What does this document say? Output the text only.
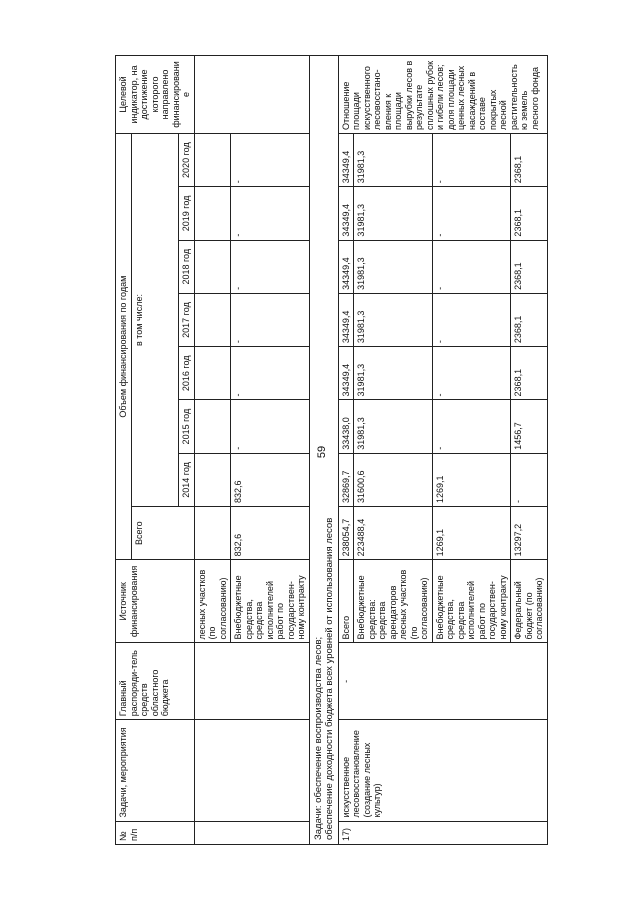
59
№ п/п	Задачи, мероприятия	Главный распоряди-тель средств областного бюджета	Источник финансирования	Объем финансирования по годам								Целевой индикатор, на достижение которого направлено финансирование
				Всего	в том числе:							
					2014 год	2015 год	2016 год	2017 год	2018 год	2019 год	2020 год	
			лесных участков (по согласованию)									
			Внебюджетные средства, средства исполнителей работ по государствен-ному контракту	832,6	832,6	-	-	-	-	-	-	
Задачи: обеспечение воспроизводства лесов;
обеспечение доходности бюджета всех уровней от использования лесов												
17)	искусственное лесовосстановление (создание лесных культур)	-	Всего	238054,7	32869,7	33438,0	34349,4	34349,4	34349,4	34349,4	34349,4	Отношение площади искусственного лесовосстано-вления к площади вырубки лесов в результате сплошных рубок и гибели лесов; доля площади ценных лесных насаждений в составе покрытых лесной растительностью земель лесного фонда
			Внебюджетные средства: средства арендаторов лесных участков (по согласованию)	223488,4	31600,6	31981,3	31981,3	31981,3	31981,3	31981,3	31981,3	
			Внебюджетные средства, средства исполнителей работ по государствен-ному контракту	1269,1	1269,1	-	-	-	-	-	-	
			Федеральный бюджет (по согласованию)	13297,2	-	1456,7	2368,1	2368,1	2368,1	2368,1	2368,1	
